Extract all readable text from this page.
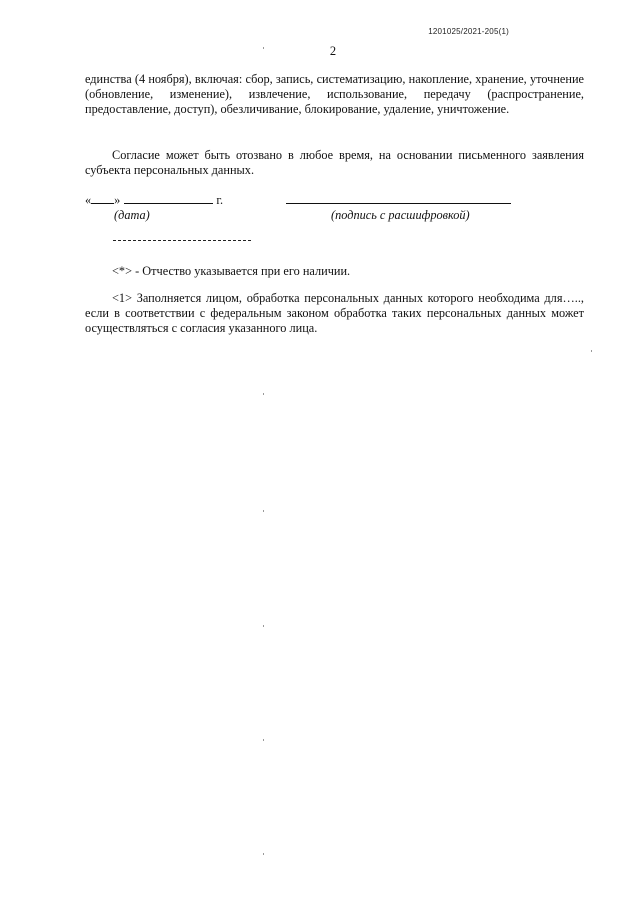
1201025/2021-205(1)
2
единства (4 ноября), включая: сбор, запись, систематизацию, накопление, хранение, уточнение (обновление, изменение), извлечение, использование, передачу (распространение, предоставление, доступ), обезличивание, блокирование, удаление, уничтожение.
Согласие может быть отозвано в любое время, на основании письменного заявления субъекта персональных данных.
« »	г.
(дата)	(подпись с расшифровкой)
<*> - Отчество указывается при его наличии.
<1> Заполняется лицом, обработка персональных данных которого необходима для….., если в соответствии с федеральным законом обработка таких персональных данных может осуществляться с согласия указанного лица.
